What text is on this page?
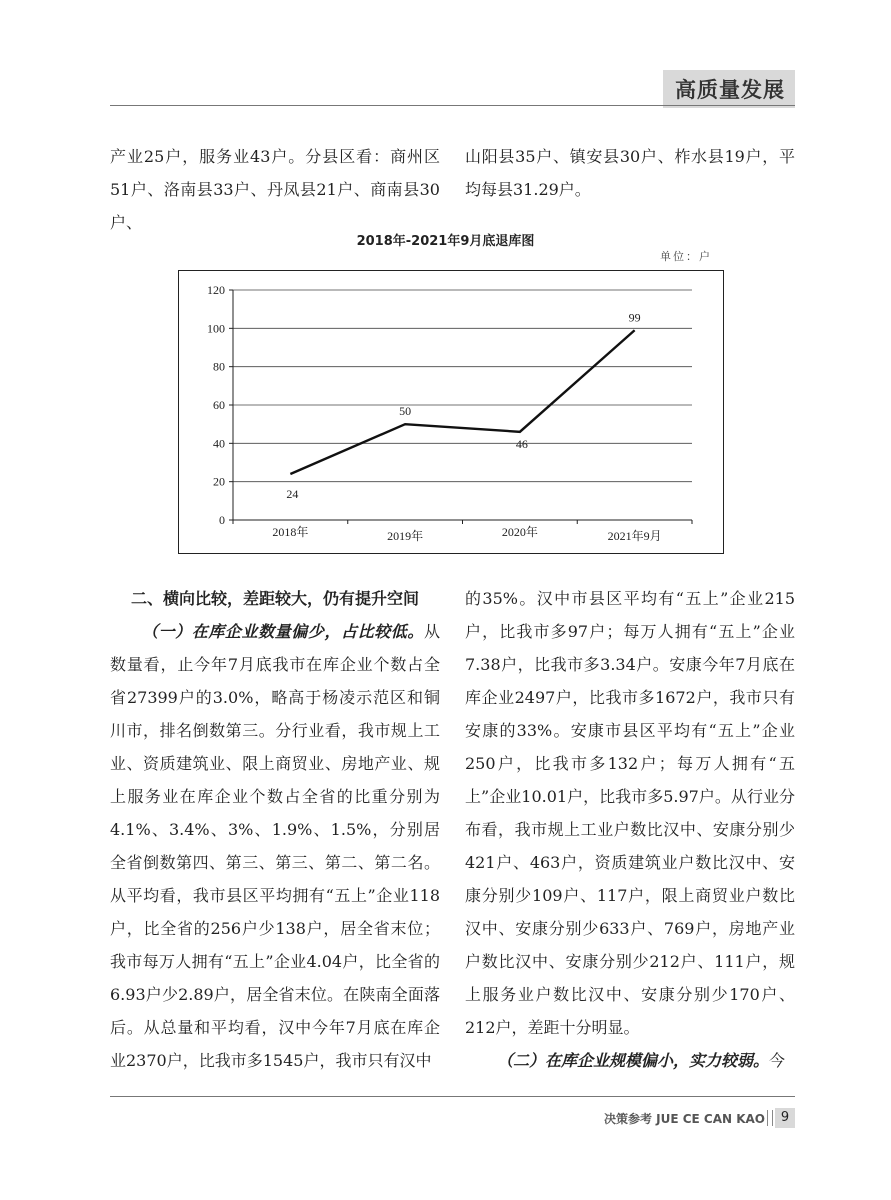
高质量发展

产业25户，服务业43户。分县区看：商州区51户、洛南县33户、丹凤县21户、商南县30户、

山阳县35户、镇安县30户、柞水县19户，平均每县31.29户。

2018年-2021年9月底退库图
单位：户
0
20
40
60
80
100
120
2018年	2019年	2020年	2021年9月
24
50
46
99

二、横向比较，差距较大，仍有提升空间

（一）在库企业数量偏少，占比较低。从数量看，止今年7月底我市在库企业个数占全省27399户的3.0%，略高于杨凌示范区和铜川市，排名倒数第三。分行业看，我市规上工业、资质建筑业、限上商贸业、房地产业、规上服务业在库企业个数占全省的比重分别为4.1%、3.4%、3%、1.9%、1.5%，分别居全省倒数第四、第三、第三、第二、第二名。从平均看，我市县区平均拥有“五上”企业118户，比全省的256户少138户，居全省末位；我市每万人拥有“五上”企业4.04户，比全省的6.93户少2.89户，居全省末位。在陕南全面落后。从总量和平均看，汉中今年7月底在库企业2370户，比我市多1545户，我市只有汉中

的35%。汉中市县区平均有“五上”企业215户，比我市多97户；每万人拥有“五上”企业7.38户，比我市多3.34户。安康今年7月底在库企业2497户，比我市多1672户，我市只有安康的33%。安康市县区平均有“五上”企业250户，比我市多132户；每万人拥有“五上”企业10.01户，比我市多5.97户。从行业分布看，我市规上工业户数比汉中、安康分别少421户、463户，资质建筑业户数比汉中、安康分别少109户、117户，限上商贸业户数比汉中、安康分别少633户、769户，房地产业户数比汉中、安康分别少212户、111户，规上服务业户数比汉中、安康分别少170户、212户，差距十分明显。

（二）在库企业规模偏小，实力较弱。今

决策参考 JUE CE CAN KAO	9
